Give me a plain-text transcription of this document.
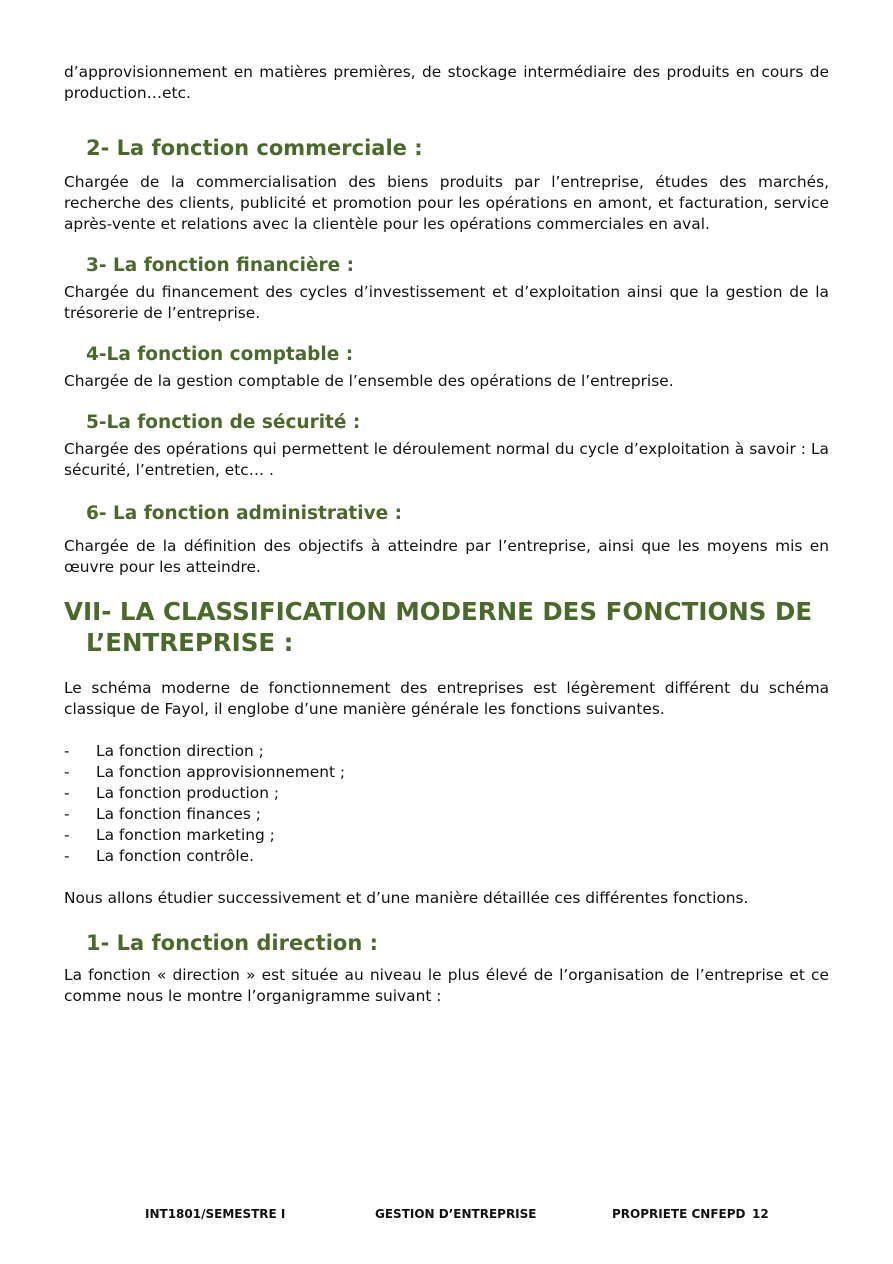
d’approvisionnement en matières premières, de stockage intermédiaire des produits en cours de production…etc.

2- La fonction commerciale :

Chargée de la commercialisation des biens produits par l’entreprise, études des marchés, recherche des clients, publicité et promotion pour les opérations en amont, et facturation, service après-vente et relations avec la clientèle pour les opérations commerciales en aval.

3- La fonction financière :

Chargée du financement des cycles d’investissement et d’exploitation ainsi que la gestion de la trésorerie de l’entreprise.

4-La fonction comptable :

Chargée de la gestion comptable de l’ensemble des opérations de l’entreprise.

5-La fonction de sécurité :

Chargée des opérations qui permettent le déroulement normal du cycle d’exploitation à savoir : La sécurité, l’entretien, etc… .

6- La fonction administrative :

Chargée de la définition des objectifs à atteindre par l’entreprise, ainsi que les moyens mis en œuvre pour les atteindre.

VII- LA CLASSIFICATION MODERNE DES FONCTIONS DE
L’ENTREPRISE :

Le schéma moderne de fonctionnement des entreprises est légèrement différent du schéma classique de Fayol, il englobe d’une manière générale les fonctions suivantes.

- La fonction direction ;
- La fonction approvisionnement ;
- La fonction production ;
- La fonction finances ;
- La fonction marketing ;
- La fonction contrôle.

Nous allons étudier successivement et d’une manière détaillée ces différentes fonctions.

1- La fonction direction :

La fonction « direction » est située au niveau le plus élevé de l’organisation de l’entreprise et ce comme nous le montre l’organigramme suivant :

INT1801/SEMESTRE I	GESTION D’ENTREPRISE	PROPRIETE CNFEPD 12
